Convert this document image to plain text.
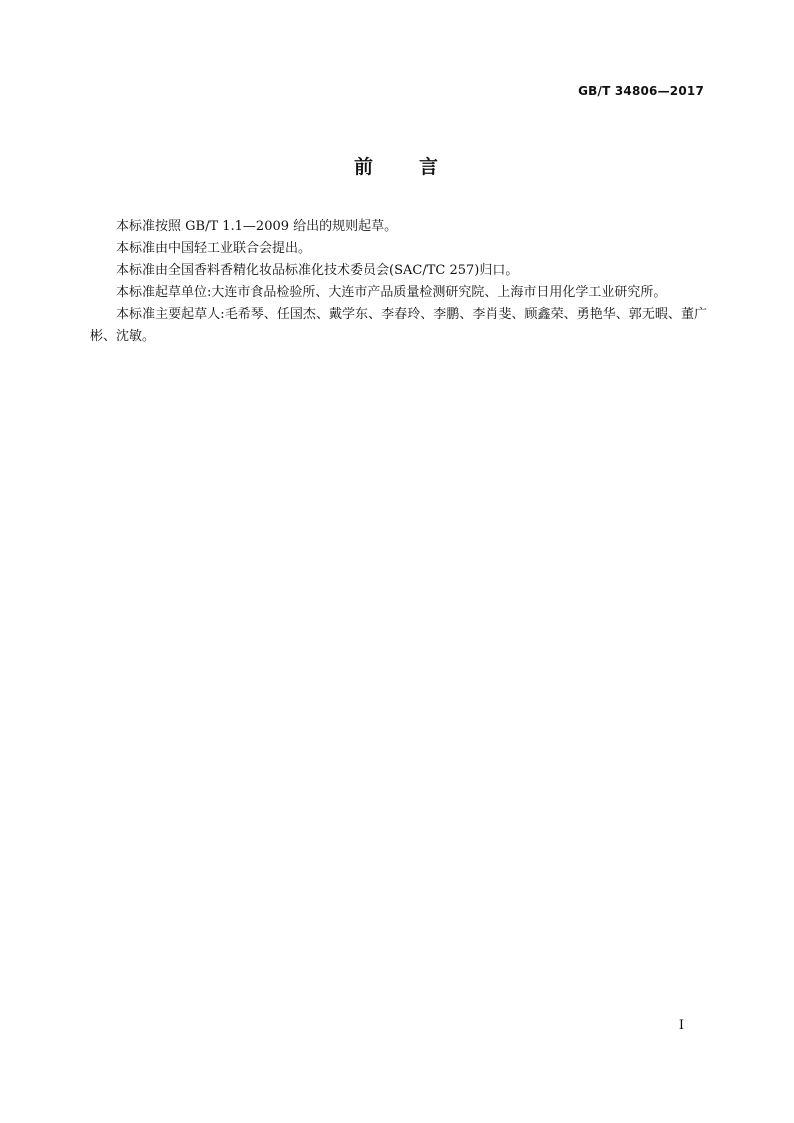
GB/T 34806—2017
前 言

本标准按照 GB/T 1.1—2009 给出的规则起草。

本标准由中国轻工业联合会提出。

本标准由全国香料香精化妆品标准化技术委员会(SAC/TC 257)归口。

本标准起草单位:大连市食品检验所、大连市产品质量检测研究院、上海市日用化学工业研究所。

本标准主要起草人:毛希琴、任国杰、戴学东、李春玲、李鹏、李肖斐、顾鑫荣、勇艳华、郭无暇、董广彬、沈敏。

I
